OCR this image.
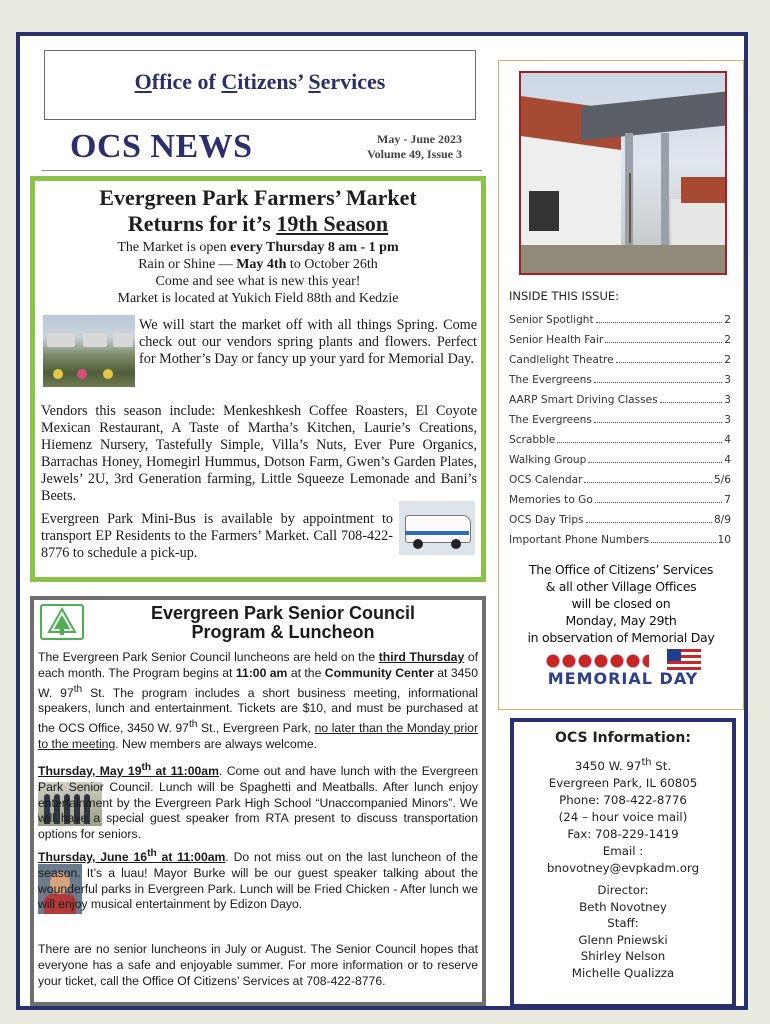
Office of Citizens’ Services
OCS NEWS	May - June 2023
Volume 49, Issue 3
Evergreen Park Farmers’ Market
Returns for it’s 19th Season
The Market is open every Thursday 8 am - 1 pm
Rain or Shine — May 4th to October 26th
Come and see what is new this year!
Market is located at Yukich Field 88th and Kedzie
We will start the market off with all things Spring. Come check out our vendors spring plants and flowers. Perfect for Mother’s Day or fancy up your yard for Memorial Day.
Vendors this season include: Menkeshkesh Coffee Roasters, El Coyote Mexican Restaurant, A Taste of Martha’s Kitchen, Laurie’s Creations, Hiemenz Nursery, Tastefully Simple, Villa’s Nuts, Ever Pure Organics, Barrachas Honey, Homegirl Hummus, Dotson Farm, Gwen’s Garden Plates, Jewels’ 2U, 3rd Generation farming, Little Squeeze Lemonade and Bani’s Beets.
Evergreen Park Mini-Bus is available by appointment to transport EP Residents to the Farmers’ Market. Call 708-422-8776 to schedule a pick-up.
Evergreen Park Senior Council
Program & Luncheon
The Evergreen Park Senior Council luncheons are held on the third Thursday of each month. The Program begins at 11:00 am at the Community Center at 3450 W. 97th St. The program includes a short business meeting, informational speakers, lunch and entertainment. Tickets are $10, and must be purchased at the OCS Office, 3450 W. 97th St., Evergreen Park, no later than the Monday prior to the meeting. New members are always welcome.
Thursday, May 19th at 11:00am. Come out and have lunch with the Evergreen Park Senior Council. Lunch will be Spaghetti and Meatballs. After lunch enjoy entertainment by the Evergreen Park High School “Unaccompanied Minors”. We will have a special guest speaker from RTA present to discuss transportation options for seniors.
Thursday, June 16th at 11:00am. Do not miss out on the last luncheon of the season. It’s a luau! Mayor Burke will be our guest speaker talking about the wounderful parks in Evergreen Park. Lunch will be Fried Chicken - After lunch we will enjoy musical entertainment by Edizon Dayo.
There are no senior luncheons in July or August. The Senior Council hopes that everyone has a safe and enjoyable summer. For more information or to reserve your ticket, call the Office Of Citizens’ Services at 708-422-8776.
INSIDE THIS ISSUE:
Senior Spotlight	2
Senior Health Fair	2
Candlelight Theatre	2
The Evergreens	3
AARP Smart Driving Classes	3
The Evergreens	3
Scrabble	4
Walking Group	4
OCS Calendar	5/6
Memories to Go	7
OCS Day Trips	8/9
Important Phone Numbers	10
The Office of Citizens’ Services
& all other Village Offices
will be closed on
Monday, May 29th
in observation of Memorial Day
MEMORIAL DAY
OCS Information:
3450 W. 97th St.
Evergreen Park, IL 60805
Phone: 708-422-8776
(24 – hour voice mail)
Fax: 708-229-1419
Email :
bnovotney@evpkadm.org
Director:
Beth Novotney
Staff:
Glenn Pniewski
Shirley Nelson
Michelle Qualizza
